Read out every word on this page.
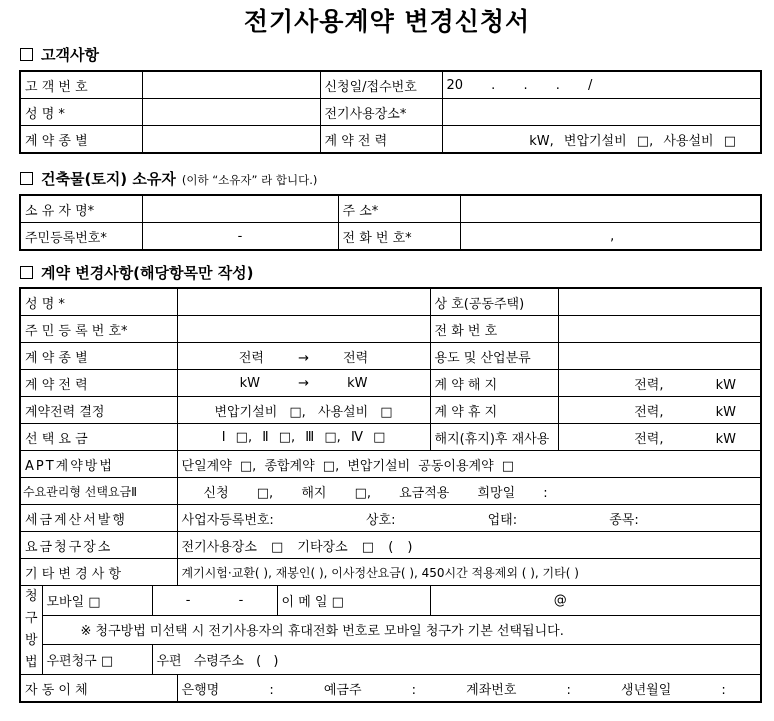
전기사용계약 변경신청서
고객사항
고 객 번 호		신청일/접수번호	20 . . . /
성 명 *		전기사용장소*	
계 약 종 별		계 약 전 력	kW, 변압기설비 □, 사용설비 □
건축물(토지) 소유자 (이하 “소유자” 라 합니다.)
소 유 자 명*		주 소*	
주민등록번호*	-	전 화 번 호*	,
계약 변경사항(해당항목만 작성)
성 명 *					상 호(공동주택)	
주 민 등 록 번 호*					전 화 번 호	
계 약 종 별			전력 → 전력		용도 및 산업분류	
계 약 전 력			kW → kW		계 약 해 지	전력, kW
계약전력 결정			변압기설비 □, 사용설비 □		계 약 휴 지	전력, kW
선 택 요 금			Ⅰ □, Ⅱ □, Ⅲ □, Ⅳ □		해지(휴지)후 재사용	전력, kW
APT계약방법			단일계약 □, 종합계약 □, 변압기설비 공동이용계약 □			
수요관리형 선택요금Ⅱ			신청 □, 해지 □, 요금적용 희망일 :			
세금계산서발행			사업자등록번호: 상호: 업태: 종목:			
요금청구장소			전기사용장소 □ 기타장소 □ ( )			
기 타 변 경 사 항			계기시험·교환( ), 재봉인( ), 이사정산요금( ), 450시간 적용제외 ( ), 기타( )			

청구방법	모바일 □	- -		이 메 일 □	@	
	※ 청구방법 미선택 시 전기사용자의 휴대전화 번호로 모바일 청구가 기본 선택됩니다.					
	우편청구 □	우편 수령주소 ( )				
자 동 이 체			은행명 : 예금주 : 계좌번호 : 생년월일 :			
